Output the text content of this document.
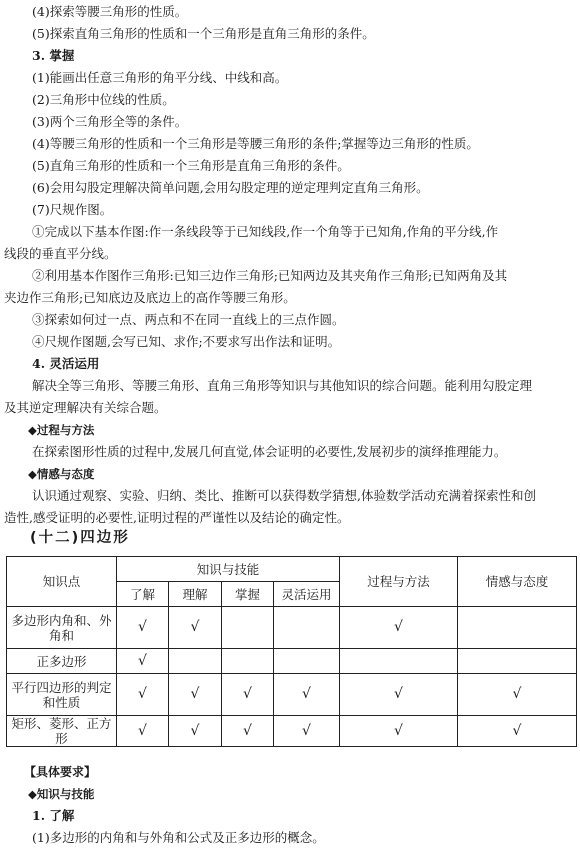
(4)探索等腰三角形的性质。
(5)探索直角三角形的性质和一个三角形是直角三角形的条件。
3. 掌握
(1)能画出任意三角形的角平分线、中线和高。
(2)三角形中位线的性质。
(3)两个三角形全等的条件。
(4)等腰三角形的性质和一个三角形是等腰三角形的条件;掌握等边三角形的性质。
(5)直角三角形的性质和一个三角形是直角三角形的条件。
(6)会用勾股定理解决简单问题,会用勾股定理的逆定理判定直角三角形。
(7)尺规作图。
①完成以下基本作图:作一条线段等于已知线段,作一个角等于已知角,作角的平分线,作
线段的垂直平分线。
②利用基本作图作三角形:已知三边作三角形;已知两边及其夹角作三角形;已知两角及其
夹边作三角形;已知底边及底边上的高作等腰三角形。
③探索如何过一点、两点和不在同一直线上的三点作圆。
④尺规作图题,会写已知、求作;不要求写出作法和证明。
4. 灵活运用
解决全等三角形、等腰三角形、直角三角形等知识与其他知识的综合问题。能利用勾股定理
及其逆定理解决有关综合题。
◆过程与方法
在探索图形性质的过程中,发展几何直觉,体会证明的必要性,发展初步的演绎推理能力。
◆情感与态度
认识通过观察、实验、归纳、类比、推断可以获得数学猜想,体验数学活动充满着探索性和创
造性,感受证明的必要性,证明过程的严谨性以及结论的确定性。
(十二)四边形
知识点	知识与技能				过程与方法	情感与态度
	了解	理解	掌握	灵活运用		
多边形内角和、外角和	√	√			√	
正多边形	√					
平行四边形的判定和性质	√	√	√	√	√	√
矩形、菱形、正方形	√	√	√	√	√	√
【具体要求】
◆知识与技能
1. 了解
(1)多边形的内角和与外角和公式及正多边形的概念。
